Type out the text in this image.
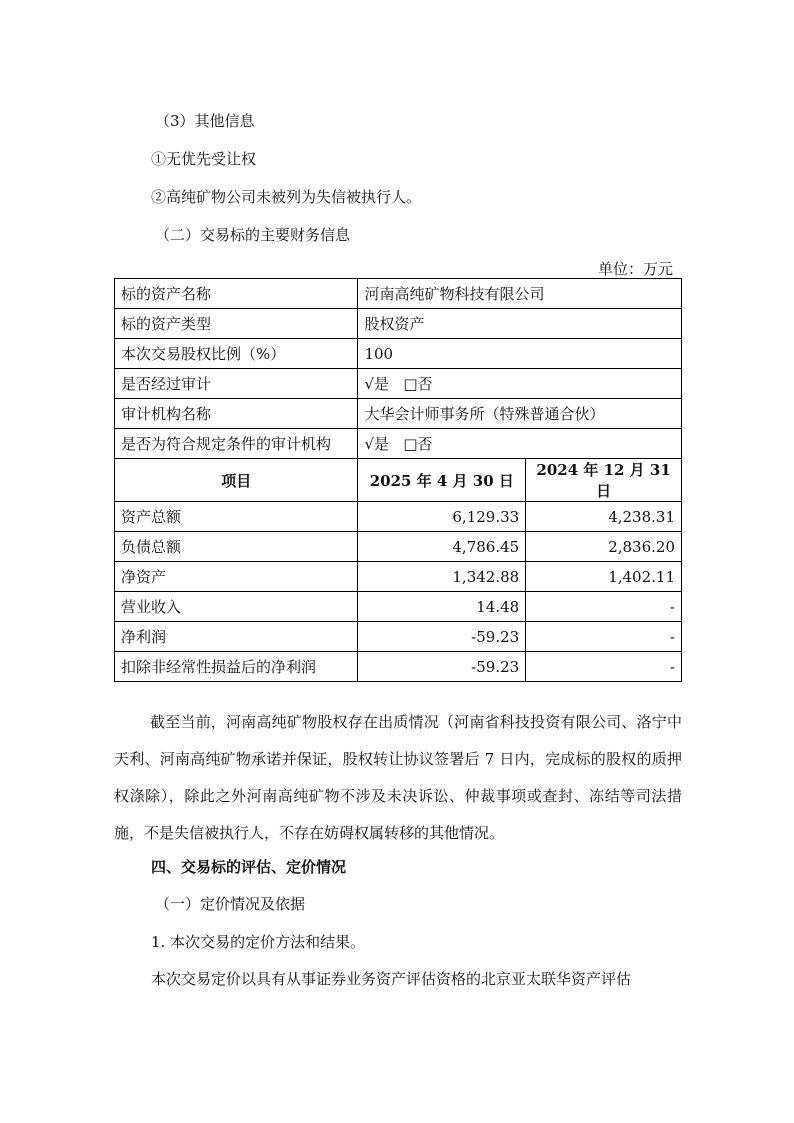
（3）其他信息
①无优先受让权
②高纯矿物公司未被列为失信被执行人。
（二）交易标的主要财务信息
单位：万元
标的资产名称	河南高纯矿物科技有限公司	
标的资产类型	股权资产	
本次交易股权比例（%）	100	
是否经过审计	√是   □否	
审计机构名称	大华会计师事务所（特殊普通合伙）	
是否为符合规定条件的审计机构	√是   □否	
项目	2025 年 4 月 30 日	2024 年 12 月 31 日
资产总额	6,129.33	4,238.31
负债总额	4,786.45	2,836.20
净资产	1,342.88	1,402.11
营业收入	14.48	-
净利润	-59.23	-
扣除非经常性损益后的净利润	-59.23	-
截至当前，河南高纯矿物股权存在出质情况（河南省科技投资有限公司、洛宁中天利、河南高纯矿物承诺并保证，股权转让协议签署后 7 日内，完成标的股权的质押权涤除），除此之外河南高纯矿物不涉及未决诉讼、仲裁事项或查封、冻结等司法措施，不是失信被执行人，不存在妨碍权属转移的其他情况。
四、交易标的评估、定价情况
（一）定价情况及依据
1. 本次交易的定价方法和结果。
本次交易定价以具有从事证券业务资产评估资格的北京亚太联华资产评估
